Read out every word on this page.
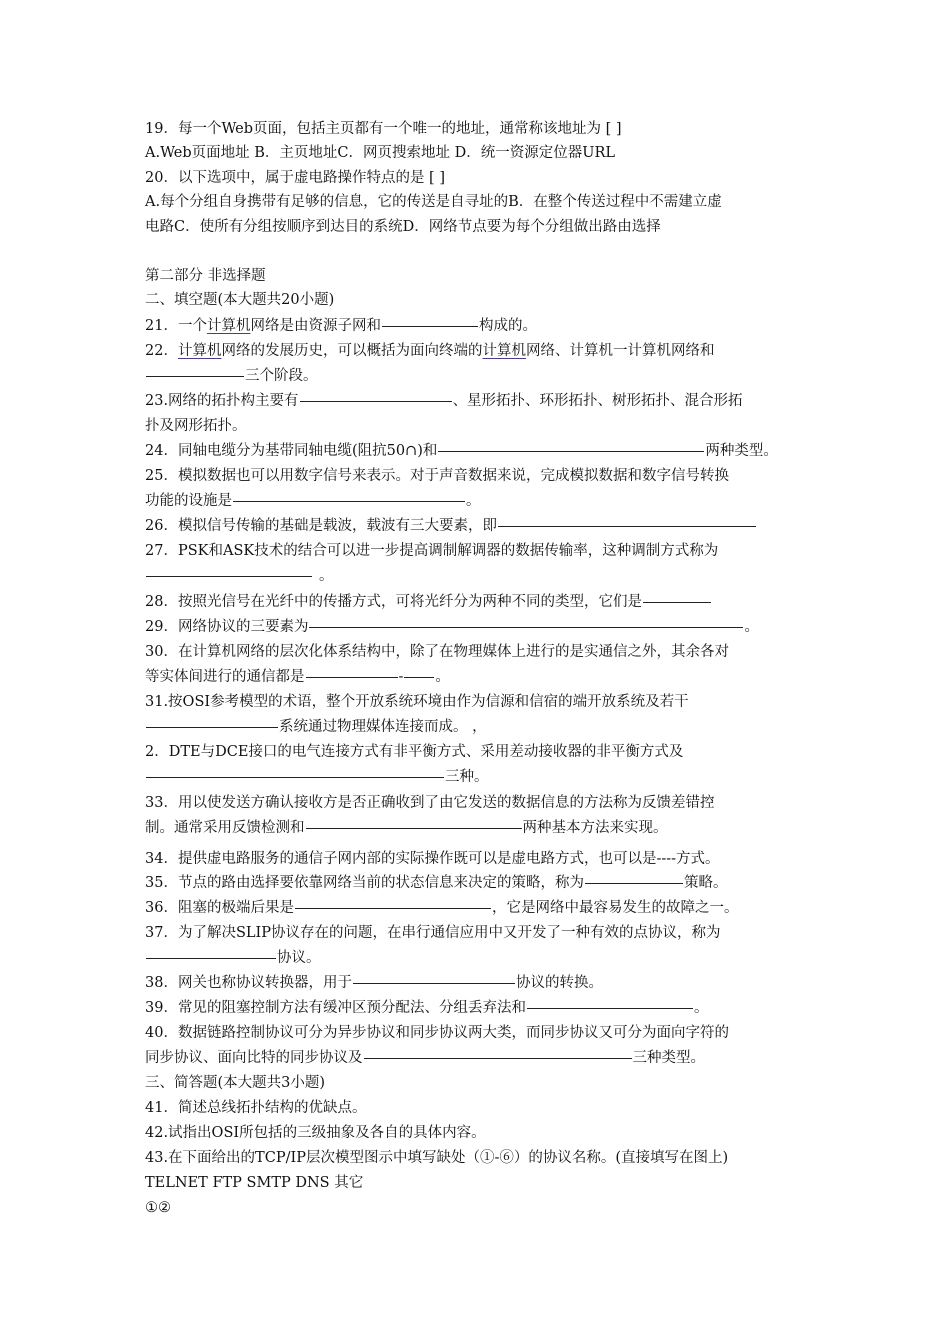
19．每一个Web页面，包括主页都有一个唯一的地址，通常称该地址为 [ ]
A.Web页面地址 B．主页地址C．网页搜索地址 D．统一资源定位器URL
20．以下选项中，属于虚电路操作特点的是 [ ]
A.每个分组自身携带有足够的信息，它的传送是自寻址的B．在整个传送过程中不需建立虚
电路C．使所有分组按顺序到达目的系统D．网络节点要为每个分组做出路由选择
第二部分 非选择题
二、填空题(本大题共20小题)
21．一个计算机网络是由资源子网和	构成的。
22．计算机网络的发展历史，可以概括为面向终端的计算机网络、计算机一计算机网络和
三个阶段。
23.网络的拓扑构主要有	、星形拓扑、环形拓扑、树形拓扑、混合形拓
扑及网形拓扑。
24．同轴电缆分为基带同轴电缆(阻抗50∩)和	两种类型。
25．模拟数据也可以用数字信号来表示。对于声音数据来说，完成模拟数据和数字信号转换
功能的设施是	。
26．模拟信号传输的基础是载波，载波有三大要素，即
27．PSK和ASK技术的结合可以进一步提高调制解调器的数据传输率，这种调制方式称为
。
28．按照光信号在光纤中的传播方式，可将光纤分为两种不同的类型，它们是
29．网络协议的三要素为	。
30．在计算机网络的层次化体系结构中，除了在物理媒体上进行的是实通信之外，其余各对
等实体间进行的通信都是	- 。
31.按OSI参考模型的术语，整个开放系统环境由作为信源和信宿的端开放系统及若干
系统通过物理媒体连接而成。 ，
2．DTE与DCE接口的电气连接方式有非平衡方式、采用差动接收器的非平衡方式及
三种。
33．用以使发送方确认接收方是否正确收到了由它发送的数据信息的方法称为反馈差错控
制。通常采用反馈检测和	两种基本方法来实现。
34．提供虚电路服务的通信子网内部的实际操作既可以是虚电路方式，也可以是----方式。
35．节点的路由选择要依靠网络当前的状态信息来决定的策略，称为	策略。
36．阻塞的极端后果是	，它是网络中最容易发生的故障之一。
37．为了解决SLIP协议存在的问题，在串行通信应用中又开发了一种有效的点协议，称为
协议。
38．网关也称协议转换器，用于	协议的转换。
39．常见的阻塞控制方法有缓冲区预分配法、分组丢弃法和	。
40．数据链路控制协议可分为异步协议和同步协议两大类，而同步协议又可分为面向字符的
同步协议、面向比特的同步协议及	三种类型。
三、简答题(本大题共3小题)
41．简述总线拓扑结构的优缺点。
42.试指出OSI所包括的三级抽象及各自的具体内容。
43.在下面给出的TCP/IP层次模型图示中填写缺处（①-⑥）的协议名称。(直接填写在图上)
TELNET FTP SMTP DNS 其它
①②
